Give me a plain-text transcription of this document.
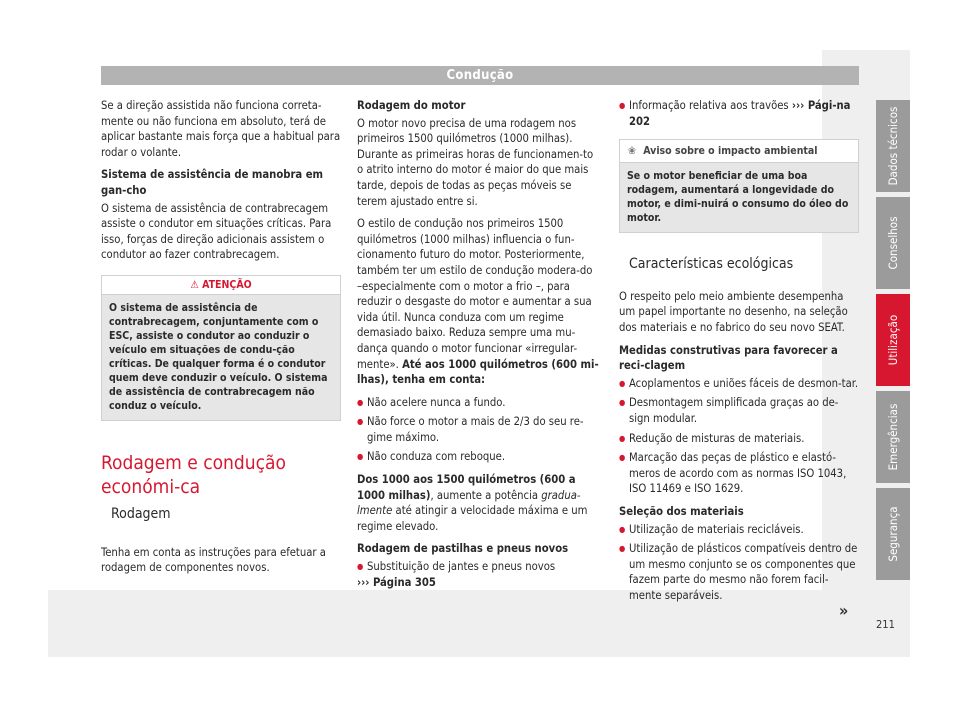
Condução

Se a direção assistida não funciona correta-mente ou não funciona em absoluto, terá de aplicar bastante mais força que a habitual para rodar o volante.

Sistema de assistência de manobra em gan-cho

O sistema de assistência de contrabrecagem assiste o condutor em situações críticas. Para isso, forças de direção adicionais assistem o condutor ao fazer contrabrecagem.

⚠ ATENÇÃO
O sistema de assistência de contrabrecagem, conjuntamente com o ESC, assiste o condutor ao conduzir o veículo em situações de condu-ção críticas. De qualquer forma é o condutor quem deve conduzir o veículo. O sistema de assistência de contrabrecagem não conduz o veículo.
Rodagem e condução económi-ca
Rodagem

Tenha em conta as instruções para efetuar a rodagem de componentes novos.

Rodagem do motor

O motor novo precisa de uma rodagem nos primeiros 1500 quilómetros (1000 milhas). Durante as primeiras horas de funcionamen-to o atrito interno do motor é maior do que mais tarde, depois de todas as peças móveis se terem ajustado entre si.

O estilo de condução nos primeiros 1500 quilómetros (1000 milhas) influencia o fun-cionamento futuro do motor. Posteriormente, também ter um estilo de condução modera-do –especialmente com o motor a frio –, para reduzir o desgaste do motor e aumentar a sua vida útil. Nunca conduza com um regime demasiado baixo. Reduza sempre uma mu-dança quando o motor funcionar «irregular-mente». Até aos 1000 quilómetros (600 mi-lhas), tenha em conta:

● Não acelere nunca a fundo.
● Não force o motor a mais de 2/3 do seu re-gime máximo.
● Não conduza com reboque.

Dos 1000 aos 1500 quilómetros (600 a 1000 milhas), aumente a potência gradua-lmente até atingir a velocidade máxima e um regime elevado.

Rodagem de pastilhas e pneus novos

● Substituição de jantes e pneus novos
››› Página 305
● Informação relativa aos travões ››› Pági-na 202
❀ Aviso sobre o impacto ambiental
Se o motor beneficiar de uma boa rodagem, aumentará a longevidade do motor, e dimi-nuirá o consumo do óleo do motor.
Características ecológicas

O respeito pelo meio ambiente desempenha um papel importante no desenho, na seleção dos materiais e no fabrico do seu novo SEAT.

Medidas construtivas para favorecer a reci-clagem

● Acoplamentos e uniões fáceis de desmon-tar.
● Desmontagem simplificada graças ao de-sign modular.
● Redução de misturas de materiais.
● Marcação das peças de plástico e elastó-meros de acordo com as normas ISO 1043, ISO 11469 e ISO 1629.

Seleção dos materiais

● Utilização de materiais recicláveis.
● Utilização de plásticos compatíveis dentro de um mesmo conjunto se os componentes que fazem parte do mesmo não forem facil-mente separáveis.
»
Dados técnicos
Conselhos
Utilização
Emergências
Segurança
211
